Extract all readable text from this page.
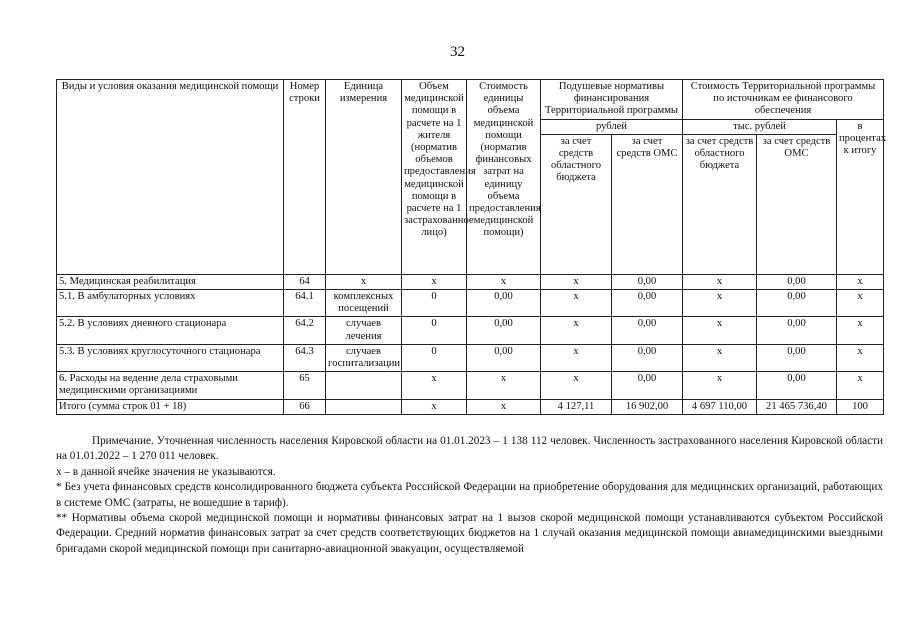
32
Виды и условия оказания медицинской помощи	Номер строки	Единица измерения	Объем медицинской помощи в расчете на 1 жителя (норматив объемов предоставления медицинской помощи в расчете на 1 застрахованное лицо)	Стоимость единицы объема медицинской помощи (норматив финансовых затрат на единицу объема предоставления медицинской помощи)	Подушевые нормативы финансирования Территориальной программы		Стоимость Территориальной программы по источникам ее финансового обеспечения		
					рублей		тыс. рублей		в процентах к итогу
					за счет средств областного бюджета	за счет средств ОМС	за счет средств областного бюджета	за счет средств ОМС	
5. Медицинская реабилитация	64	х	х	х	х	0,00	х	0,00	х
5.1. В амбулаторных условиях	64.1	комплексных посещений	0	0,00	х	0,00	х	0,00	х
5.2. В условиях дневного стационара	64.2	случаев лечения	0	0,00	х	0,00	х	0,00	х
5.3. В условиях круглосуточного стационара	64.3	случаев госпитализации	0	0,00	х	0,00	х	0,00	х
6. Расходы на ведение дела страховыми медицинскими организациями	65		х	х	х	0,00	х	0,00	х
Итого (сумма строк 01 + 18)	66		х	х	4 127,11	16 902,00	4 697 110,00	21 465 736,40	100

Примечание. Уточненная численность населения Кировской области на 01.01.2023 – 1 138 112 человек. Численность застрахованного населения Кировской области на 01.01.2022 – 1 270 011 человек.

х – в данной ячейке значения не указываются.

* Без учета финансовых средств консолидированного бюджета субъекта Российской Федерации на приобретение оборудования для медицинских организаций, работающих в системе ОМС (затраты, не вошедшие в тариф).

** Нормативы объема скорой медицинской помощи и нормативы финансовых затрат на 1 вызов скорой медицинской помощи устанавливаются субъектом Российской Федерации. Средний норматив финансовых затрат за счет средств соответствующих бюджетов на 1 случай оказания медицинской помощи авиамедицинскими выездными бригадами скорой медицинской помощи при санитарно-авиационной эвакуации, осуществляемой
